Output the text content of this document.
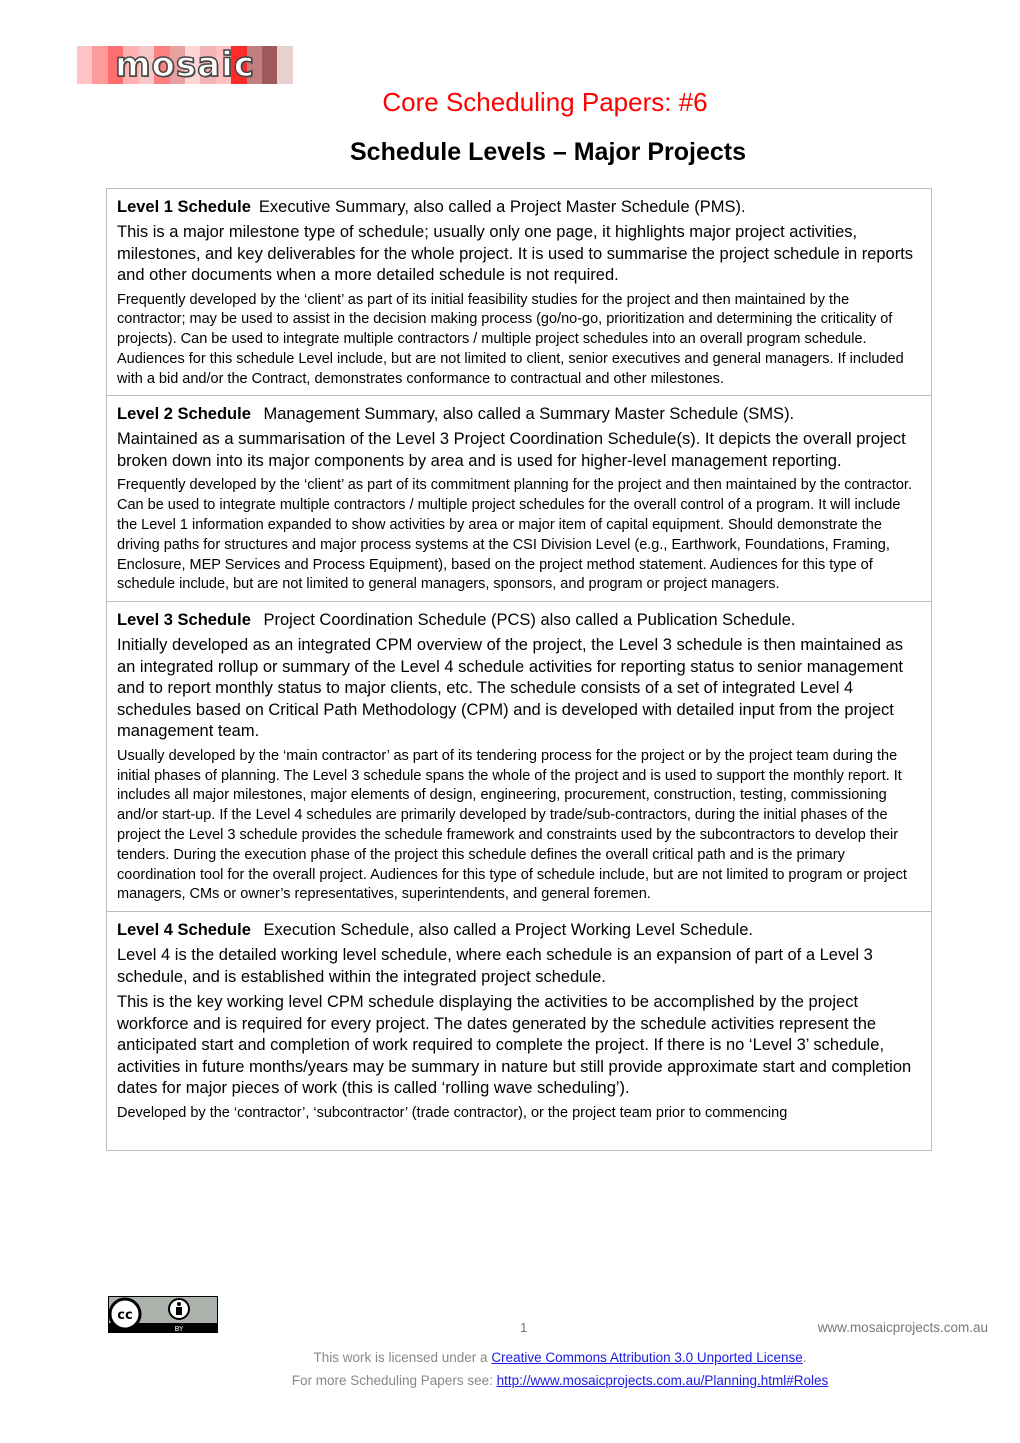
mosaic
Core Scheduling Papers: #6
Schedule Levels – Major Projects
Level 1 Schedule Executive Summary, also called a Project Master Schedule (PMS).

This is a major milestone type of schedule; usually only one page, it highlights major project activities, milestones, and key deliverables for the whole project. It is used to summarise the project schedule in reports and other documents when a more detailed schedule is not required.

Frequently developed by the ‘client’ as part of its initial feasibility studies for the project and then maintained by the contractor; may be used to assist in the decision making process (go/no-go, prioritization and determining the criticality of projects). Can be used to integrate multiple contractors / multiple project schedules into an overall program schedule. Audiences for this schedule Level include, but are not limited to client, senior executives and general managers. If included with a bid and/or the Contract, demonstrates conformance to contractual and other milestones.

Level 2 Schedule Management Summary, also called a Summary Master Schedule (SMS).

Maintained as a summarisation of the Level 3 Project Coordination Schedule(s). It depicts the overall project broken down into its major components by area and is used for higher-level management reporting.

Frequently developed by the ‘client’ as part of its commitment planning for the project and then maintained by the contractor. Can be used to integrate multiple contractors / multiple project schedules for the overall control of a program. It will include the Level 1 information expanded to show activities by area or major item of capital equipment. Should demonstrate the driving paths for structures and major process systems at the CSI Division Level (e.g., Earthwork, Foundations, Framing, Enclosure, MEP Services and Process Equipment), based on the project method statement. Audiences for this type of schedule include, but are not limited to general managers, sponsors, and program or project managers.

Level 3 Schedule Project Coordination Schedule (PCS) also called a Publication Schedule.

Initially developed as an integrated CPM overview of the project, the Level 3 schedule is then maintained as an integrated rollup or summary of the Level 4 schedule activities for reporting status to senior management and to report monthly status to major clients, etc. The schedule consists of a set of integrated Level 4 schedules based on Critical Path Methodology (CPM) and is developed with detailed input from the project management team.

Usually developed by the ‘main contractor’ as part of its tendering process for the project or by the project team during the initial phases of planning. The Level 3 schedule spans the whole of the project and is used to support the monthly report. It includes all major milestones, major elements of design, engineering, procurement, construction, testing, commissioning and/or start-up. If the Level 4 schedules are primarily developed by trade/sub-contractors, during the initial phases of the project the Level 3 schedule provides the schedule framework and constraints used by the subcontractors to develop their tenders. During the execution phase of the project this schedule defines the overall critical path and is the primary coordination tool for the overall project. Audiences for this type of schedule include, but are not limited to program or project managers, CMs or owner’s representatives, superintendents, and general foremen.

Level 4 Schedule Execution Schedule, also called a Project Working Level Schedule.

Level 4 is the detailed working level schedule, where each schedule is an expansion of part of a Level 3 schedule, and is established within the integrated project schedule.

This is the key working level CPM schedule displaying the activities to be accomplished by the project workforce and is required for every project. The dates generated by the schedule activities represent the anticipated start and completion of work required to complete the project. If there is no ‘Level 3’ schedule, activities in future months/years may be summary in nature but still provide approximate start and completion dates for major pieces of work (this is called ‘rolling wave scheduling’).

Developed by the ‘contractor’, ‘subcontractor’ (trade contractor), or the project team prior to commencing

cc
BY	1	www.mosaicprojects.com.au
This work is licensed under a Creative Commons Attribution 3.0 Unported License.
For more Scheduling Papers see: http://www.mosaicprojects.com.au/Planning.html#Roles
